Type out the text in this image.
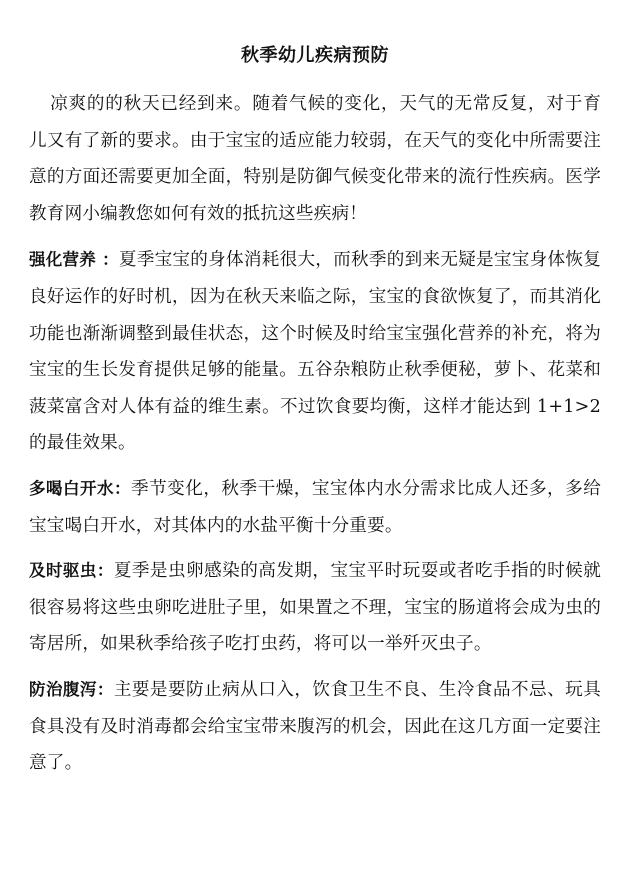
秋季幼儿疾病预防

凉爽的的秋天已经到来。随着气候的变化，天气的无常反复，对于育儿又有了新的要求。由于宝宝的适应能力较弱，在天气的变化中所需要注意的方面还需要更加全面，特别是防御气候变化带来的流行性疾病。医学教育网小编教您如何有效的抵抗这些疾病！

强化营养 ：夏季宝宝的身体消耗很大，而秋季的到来无疑是宝宝身体恢复良好运作的好时机，因为在秋天来临之际，宝宝的食欲恢复了，而其消化功能也渐渐调整到最佳状态，这个时候及时给宝宝强化营养的补充，将为宝宝的生长发育提供足够的能量。五谷杂粮防止秋季便秘，萝卜、花菜和菠菜富含对人体有益的维生素。不过饮食要均衡，这样才能达到 1+1>2 的最佳效果。

多喝白开水：季节变化，秋季干燥，宝宝体内水分需求比成人还多，多给宝宝喝白开水，对其体内的水盐平衡十分重要。

及时驱虫：夏季是虫卵感染的高发期，宝宝平时玩耍或者吃手指的时候就很容易将这些虫卵吃进肚子里，如果置之不理，宝宝的肠道将会成为虫的寄居所，如果秋季给孩子吃打虫药，将可以一举歼灭虫子。

防治腹泻：主要是要防止病从口入，饮食卫生不良、生冷食品不忌、玩具食具没有及时消毒都会给宝宝带来腹泻的机会，因此在这几方面一定要注意了。
